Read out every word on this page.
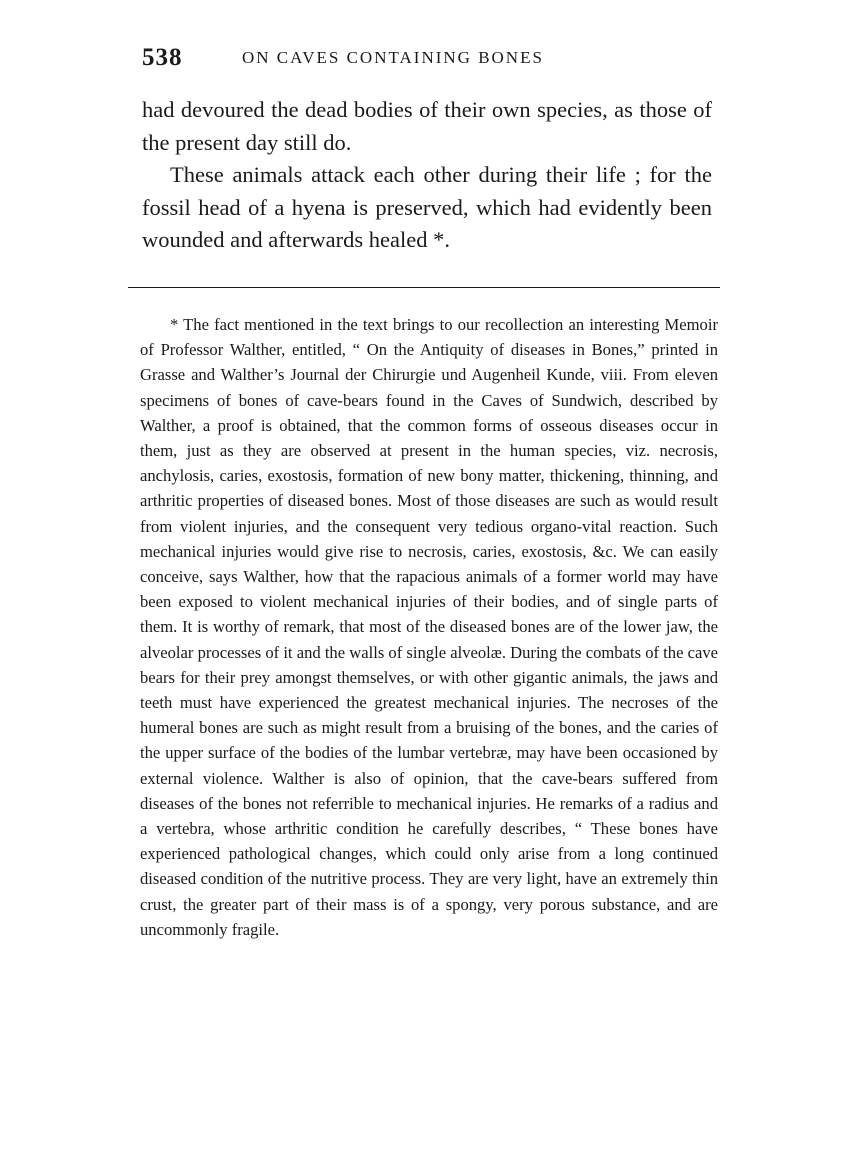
538	ON CAVES CONTAINING BONES

had devoured the dead bodies of their own species, as those of the present day still do.

These animals attack each other during their life ; for the fossil head of a hyena is preserved, which had evidently been wounded and afterwards healed *.

* The fact mentioned in the text brings to our recollection an interesting Memoir of Professor Walther, entitled, “ On the Antiquity of diseases in Bones,” printed in Grasse and Walther’s Journal der Chirurgie und Augenheil Kunde, viii. From eleven specimens of bones of cave-bears found in the Caves of Sundwich, described by Walther, a proof is obtained, that the common forms of osseous diseases occur in them, just as they are observed at present in the human species, viz. necrosis, anchylosis, caries, exostosis, formation of new bony matter, thickening, thinning, and arthritic properties of diseased bones. Most of those diseases are such as would result from violent injuries, and the consequent very tedious organo-vital reaction. Such mechanical injuries would give rise to necrosis, caries, exostosis, &c. We can easily conceive, says Walther, how that the rapacious animals of a former world may have been exposed to violent mechanical injuries of their bodies, and of single parts of them. It is worthy of remark, that most of the diseased bones are of the lower jaw, the alveolar processes of it and the walls of single alveolæ. During the combats of the cave bears for their prey amongst themselves, or with other gigantic animals, the jaws and teeth must have experienced the greatest mechanical injuries. The necroses of the humeral bones are such as might result from a bruising of the bones, and the caries of the upper surface of the bodies of the lumbar vertebræ, may have been occasioned by external violence. Walther is also of opinion, that the cave-bears suffered from diseases of the bones not referrible to mechanical injuries. He remarks of a radius and a vertebra, whose arthritic condition he carefully describes, “ These bones have experienced pathological changes, which could only arise from a long continued diseased condition of the nutritive process. They are very light, have an extremely thin crust, the greater part of their mass is of a spongy, very porous substance, and are uncommonly fragile.
